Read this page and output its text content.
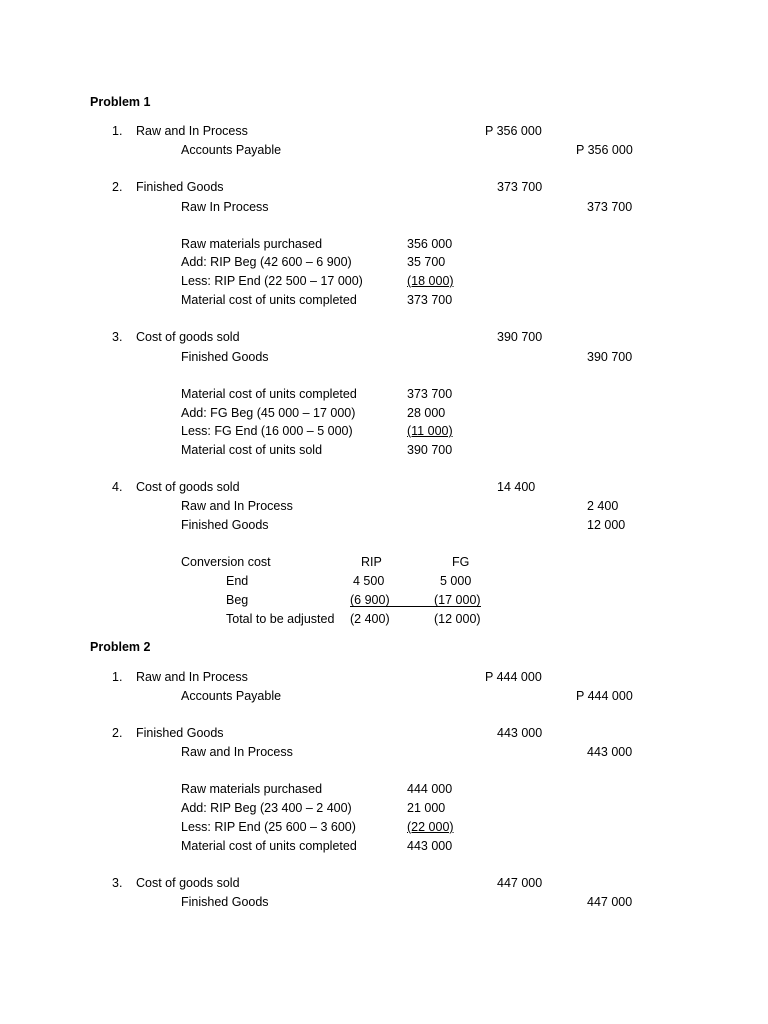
Problem 1
1. Raw and In Process	P 356 000
Accounts Payable	P 356 000
2. Finished Goods	373 700
Raw In Process	373 700
Raw materials purchased	356 000
Add: RIP Beg (42 600 – 6 900)	35 700
Less: RIP End (22 500 – 17 000)	(18 000)
Material cost of units completed	373 700
3. Cost of goods sold	390 700
Finished Goods	390 700
Material cost of units completed	373 700
Add: FG Beg (45 000 – 17 000)	28 000
Less: FG End (16 000 – 5 000)	(11 000)
Material cost of units sold	390 700
4. Cost of goods sold	14 400
Raw and In Process	2 400
Finished Goods	12 000
Conversion cost	RIP	FG
End	4 500	5 000
Beg	(6 900)	(17 000)
Total to be adjusted (2 400)	(12 000)
Problem 2
1. Raw and In Process	P 444 000
Accounts Payable	P 444 000
2. Finished Goods	443 000
Raw and In Process	443 000
Raw materials purchased	444 000
Add: RIP Beg (23 400 – 2 400)	21 000
Less: RIP End (25 600 – 3 600)	(22 000)
Material cost of units completed	443 000
3. Cost of goods sold	447 000
Finished Goods	447 000
